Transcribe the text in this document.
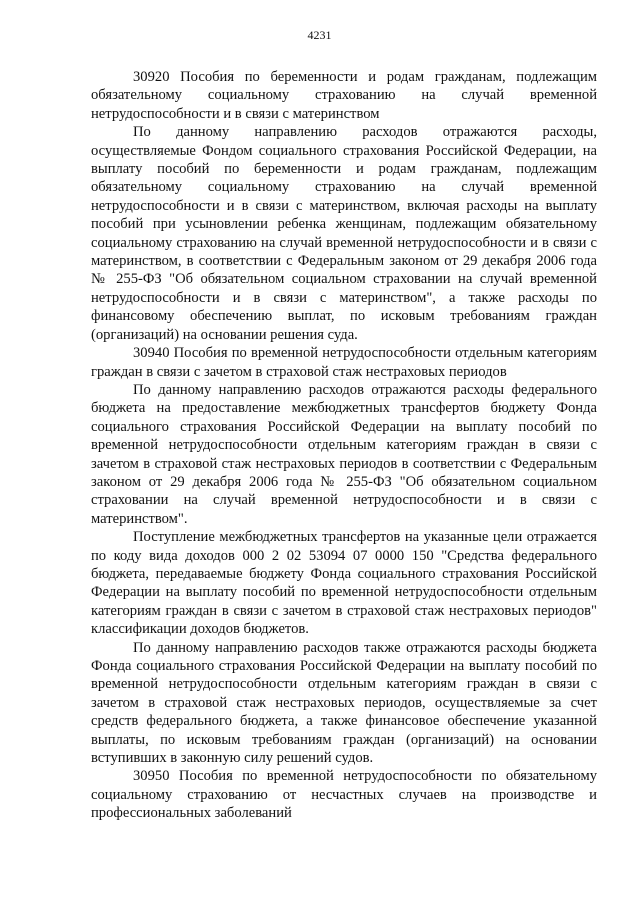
4231

30920 Пособия по беременности и родам гражданам, подлежащим обязательному социальному страхованию на случай временной нетрудоспособности и в связи с материнством

По данному направлению расходов отражаются расходы, осуществляемые Фондом социального страхования Российской Федерации, на выплату пособий по беременности и родам гражданам, подлежащим обязательному социальному страхованию на случай временной нетрудоспособности и в связи с материнством, включая расходы на выплату пособий при усыновлении ребенка женщинам, подлежащим обязательному социальному страхованию на случай временной нетрудоспособности и в связи с материнством, в соответствии с Федеральным законом от 29 декабря 2006 года № 255-ФЗ "Об обязательном социальном страховании на случай временной нетрудоспособности и в связи с материнством", а также расходы по финансовому обеспечению выплат, по исковым требованиям граждан (организаций) на основании решения суда.

30940 Пособия по временной нетрудоспособности отдельным категориям граждан в связи с зачетом в страховой стаж нестраховых периодов

По данному направлению расходов отражаются расходы федерального бюджета на предоставление межбюджетных трансфертов бюджету Фонда социального страхования Российской Федерации на выплату пособий по временной нетрудоспособности отдельным категориям граждан в связи с зачетом в страховой стаж нестраховых периодов в соответствии с Федеральным законом от 29 декабря 2006 года № 255-ФЗ "Об обязательном социальном страховании на случай временной нетрудоспособности и в связи с материнством".

Поступление межбюджетных трансфертов на указанные цели отражается по коду вида доходов 000 2 02 53094 07 0000 150 "Средства федерального бюджета, передаваемые бюджету Фонда социального страхования Российской Федерации на выплату пособий по временной нетрудоспособности отдельным категориям граждан в связи с зачетом в страховой стаж нестраховых периодов" классификации доходов бюджетов.

По данному направлению расходов также отражаются расходы бюджета Фонда социального страхования Российской Федерации на выплату пособий по временной нетрудоспособности отдельным категориям граждан в связи с зачетом в страховой стаж нестраховых периодов, осуществляемые за счет средств федерального бюджета, а также финансовое обеспечение указанной выплаты, по исковым требованиям граждан (организаций) на основании вступивших в законную силу решений судов.

30950 Пособия по временной нетрудоспособности по обязательному социальному страхованию от несчастных случаев на производстве и профессиональных заболеваний
